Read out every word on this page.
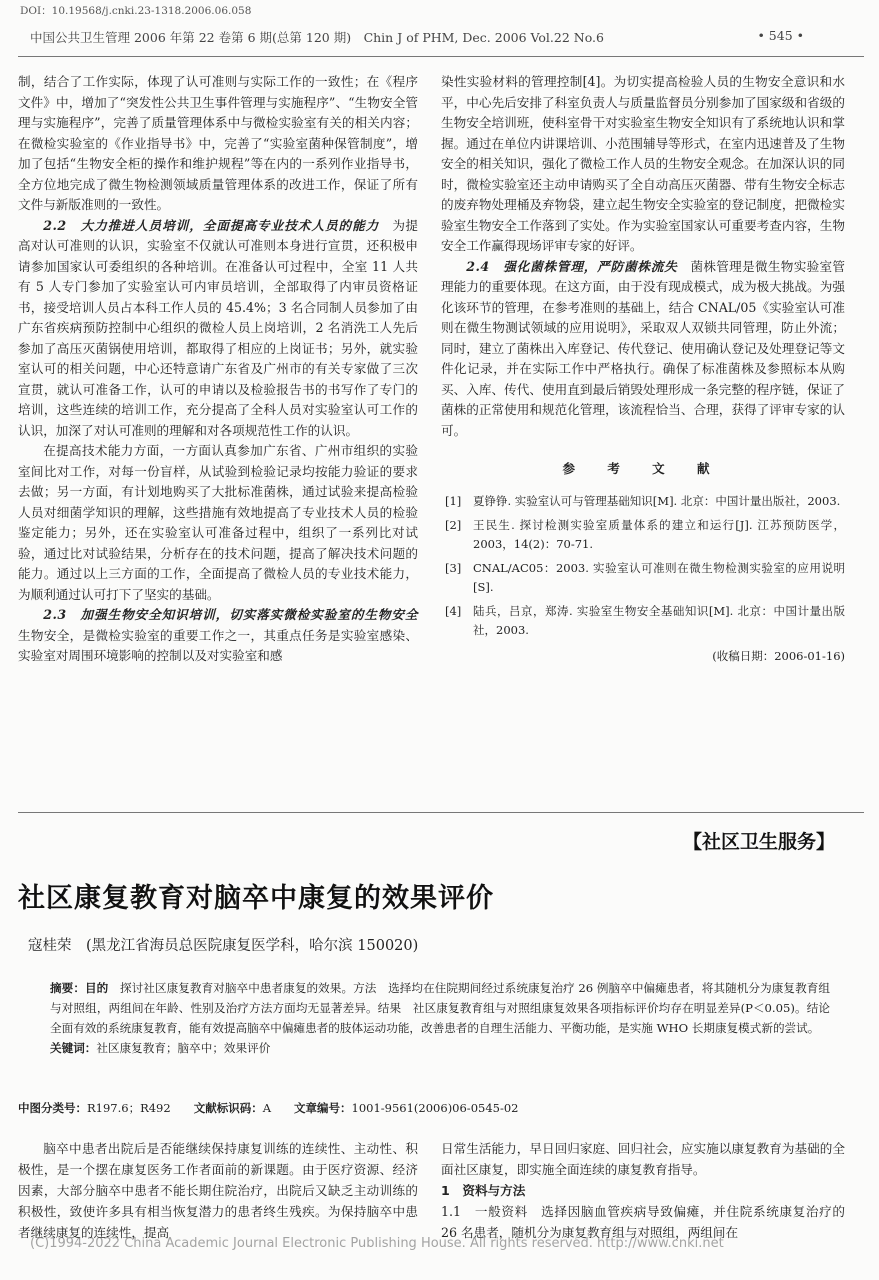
DOI：10.19568/j.cnki.23-1318.2006.06.058
中国公共卫生管理 2006 年第 22 卷第 6 期(总第 120 期)　Chin J of PHM, Dec. 2006 Vol.22 No.6	• 545 •

制，结合了工作实际，体现了认可准则与实际工作的一致性；在《程序文件》中，增加了“突发性公共卫生事件管理与实施程序”、“生物安全管理与实施程序”，完善了质量管理体系中与微检实验室有关的相关内容；在微检实验室的《作业指导书》中，完善了“实验室菌种保管制度”，增加了包括“生物安全柜的操作和维护规程”等在内的一系列作业指导书，全方位地完成了微生物检测领域质量管理体系的改进工作，保证了所有文件与新版准则的一致性。

2.2　大力推进人员培训，全面提高专业技术人员的能力　 为提高对认可准则的认识，实验室不仅就认可准则本身进行宣贯，还积极申请参加国家认可委组织的各种培训。在准备认可过程中，全室 11 人共有 5 人专门参加了实验室认可内审员培训，全部取得了内审员资格证书，接受培训人员占本科工作人员的 45.4%；3 名合同制人员参加了由广东省疾病预防控制中心组织的微检人员上岗培训，2 名消洗工人先后参加了高压灭菌锅使用培训，都取得了相应的上岗证书；另外，就实验室认可的相关问题，中心还特意请广东省及广州市的有关专家做了三次宣贯，就认可准备工作，认可的申请以及检验报告书的书写作了专门的培训，这些连续的培训工作，充分提高了全科人员对实验室认可工作的认识，加深了对认可准则的理解和对各项规范性工作的认识。

在提高技术能力方面，一方面认真参加广东省、广州市组织的实验室间比对工作，对每一份盲样，从试验到检验记录均按能力验证的要求去做；另一方面，有计划地购买了大批标准菌株，通过试验来提高检验人员对细菌学知识的理解，这些措施有效地提高了专业技术人员的检验鉴定能力；另外，还在实验室认可准备过程中，组织了一系列比对试验，通过比对试验结果，分析存在的技术问题，提高了解决技术问题的能力。通过以上三方面的工作，全面提高了微检人员的专业技术能力，为顺利通过认可打下了坚实的基础。

2.3　加强生物安全知识培训，切实落实微检实验室的生物安全　生物安全，是微检实验室的重要工作之一，其重点任务是实验室感染、实验室对周围环境影响的控制以及对实验室和感

染性实验材料的管理控制[4]。为切实提高检验人员的生物安全意识和水平，中心先后安排了科室负责人与质量监督员分别参加了国家级和省级的生物安全培训班，使科室骨干对实验室生物安全知识有了系统地认识和掌握。通过在单位内讲课培训、小范围辅导等形式，在室内迅速普及了生物安全的相关知识，强化了微检工作人员的生物安全观念。在加深认识的同时，微检实验室还主动申请购买了全自动高压灭菌器、带有生物安全标志的废弃物处理桶及弃物袋，建立起生物安全实验室的登记制度，把微检实验室生物安全工作落到了实处。作为实验室国家认可重要考查内容，生物安全工作赢得现场评审专家的好评。

2.4　强化菌株管理，严防菌株流失　 菌株管理是微生物实验室管理能力的重要体现。在这方面，由于没有现成模式，成为极大挑战。为强化该环节的管理，在参考准则的基础上，结合 CNAL/05《实验室认可准则在微生物测试领域的应用说明》，采取双人双锁共同管理，防止外流；同时，建立了菌株出入库登记、传代登记、使用确认登记及处理登记等文件化记录，并在实际工作中严格执行。确保了标准菌株及参照标本从购买、入库、传代、使用直到最后销毁处理形成一条完整的程序链，保证了菌株的正常使用和规范化管理，该流程恰当、合理，获得了评审专家的认可。

参 考 文 献
[1]	夏铮铮. 实验室认可与管理基础知识[M]. 北京：中国计量出版社，2003.
[2]	王民生. 探讨检测实验室质量体系的建立和运行[J]. 江苏预防医学，2003，14(2)：70-71.
[3]	CNAL/AC05：2003. 实验室认可准则在微生物检测实验室的应用说明[S].
[4]	陆兵，吕京，郑涛. 实验室生物安全基础知识[M]. 北京：中国计量出版社，2003.
(收稿日期：2006-01-16)
【社区卫生服务】
社区康复教育对脑卒中康复的效果评价
寇桂荣　(黑龙江省海员总医院康复医学科，哈尔滨 150020)

摘要：目的　 探讨社区康复教育对脑卒中患者康复的效果。方法　选择均在住院期间经过系统康复治疗 26 例脑卒中偏瘫患者，将其随机分为康复教育组与对照组，两组间在年龄、性别及治疗方法方面均无显著差异。结果　社区康复教育组与对照组康复效果各项指标评价均存在明显差异(P＜0.05)。结论　全面有效的系统康复教育，能有效提高脑卒中偏瘫患者的肢体运动功能，改善患者的自理生活能力、平衡功能，是实施 WHO 长期康复模式新的尝试。

关键词：社区康复教育；脑卒中；效果评价

中图分类号：R197.6；R492　　 文献标识码：A　　 文章编号：1001-9561(2006)06-0545-02

脑卒中患者出院后是否能继续保持康复训练的连续性、主动性、积极性，是一个摆在康复医务工作者面前的新课题。由于医疗资源、经济因素，大部分脑卒中患者不能长期住院治疗，出院后又缺乏主动训练的积极性，致使许多具有相当恢复潜力的患者终生残疾。为保持脑卒中患者继续康复的连续性，提高

日常生活能力，早日回归家庭、回归社会，应实施以康复教育为基础的全面社区康复，即实施全面连续的康复教育指导。

1　资料与方法

1.1　一般资料　选择因脑血管疾病导致偏瘫，并住院系统康复治疗的 26 名患者，随机分为康复教育组与对照组，两组间在

(C)1994-2022 China Academic Journal Electronic Publishing House. All rights reserved. http://www.cnki.net
